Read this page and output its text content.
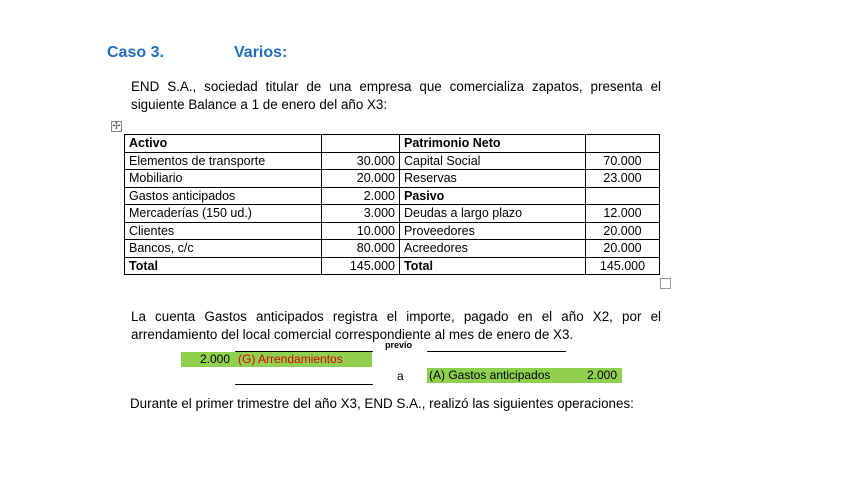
Caso 3.	Varios:
END S.A., sociedad titular de una empresa que comercializa zapatos, presenta el siguiente Balance a 1 de enero del año X3:
✢
Activo		Patrimonio Neto	
Elementos de transporte	30.000	Capital Social	70.000
Mobiliario	20.000	Reservas	23.000
Gastos anticipados	2.000	Pasivo	
Mercaderías (150 ud.)	3.000	Deudas a largo plazo	12.000
Clientes	10.000	Proveedores	20.000
Bancos, c/c	80.000	Acreedores	20.000
Total	145.000	Total	145.000
La cuenta Gastos anticipados registra el importe, pagado en el año X2, por el arrendamiento del local comercial correspondiente al mes de enero de X3.
previo
2.000 (G) Arrendamientos
a (A) Gastos anticipados	2.000
Durante el primer trimestre del año X3, END S.A., realizó las siguientes operaciones:
